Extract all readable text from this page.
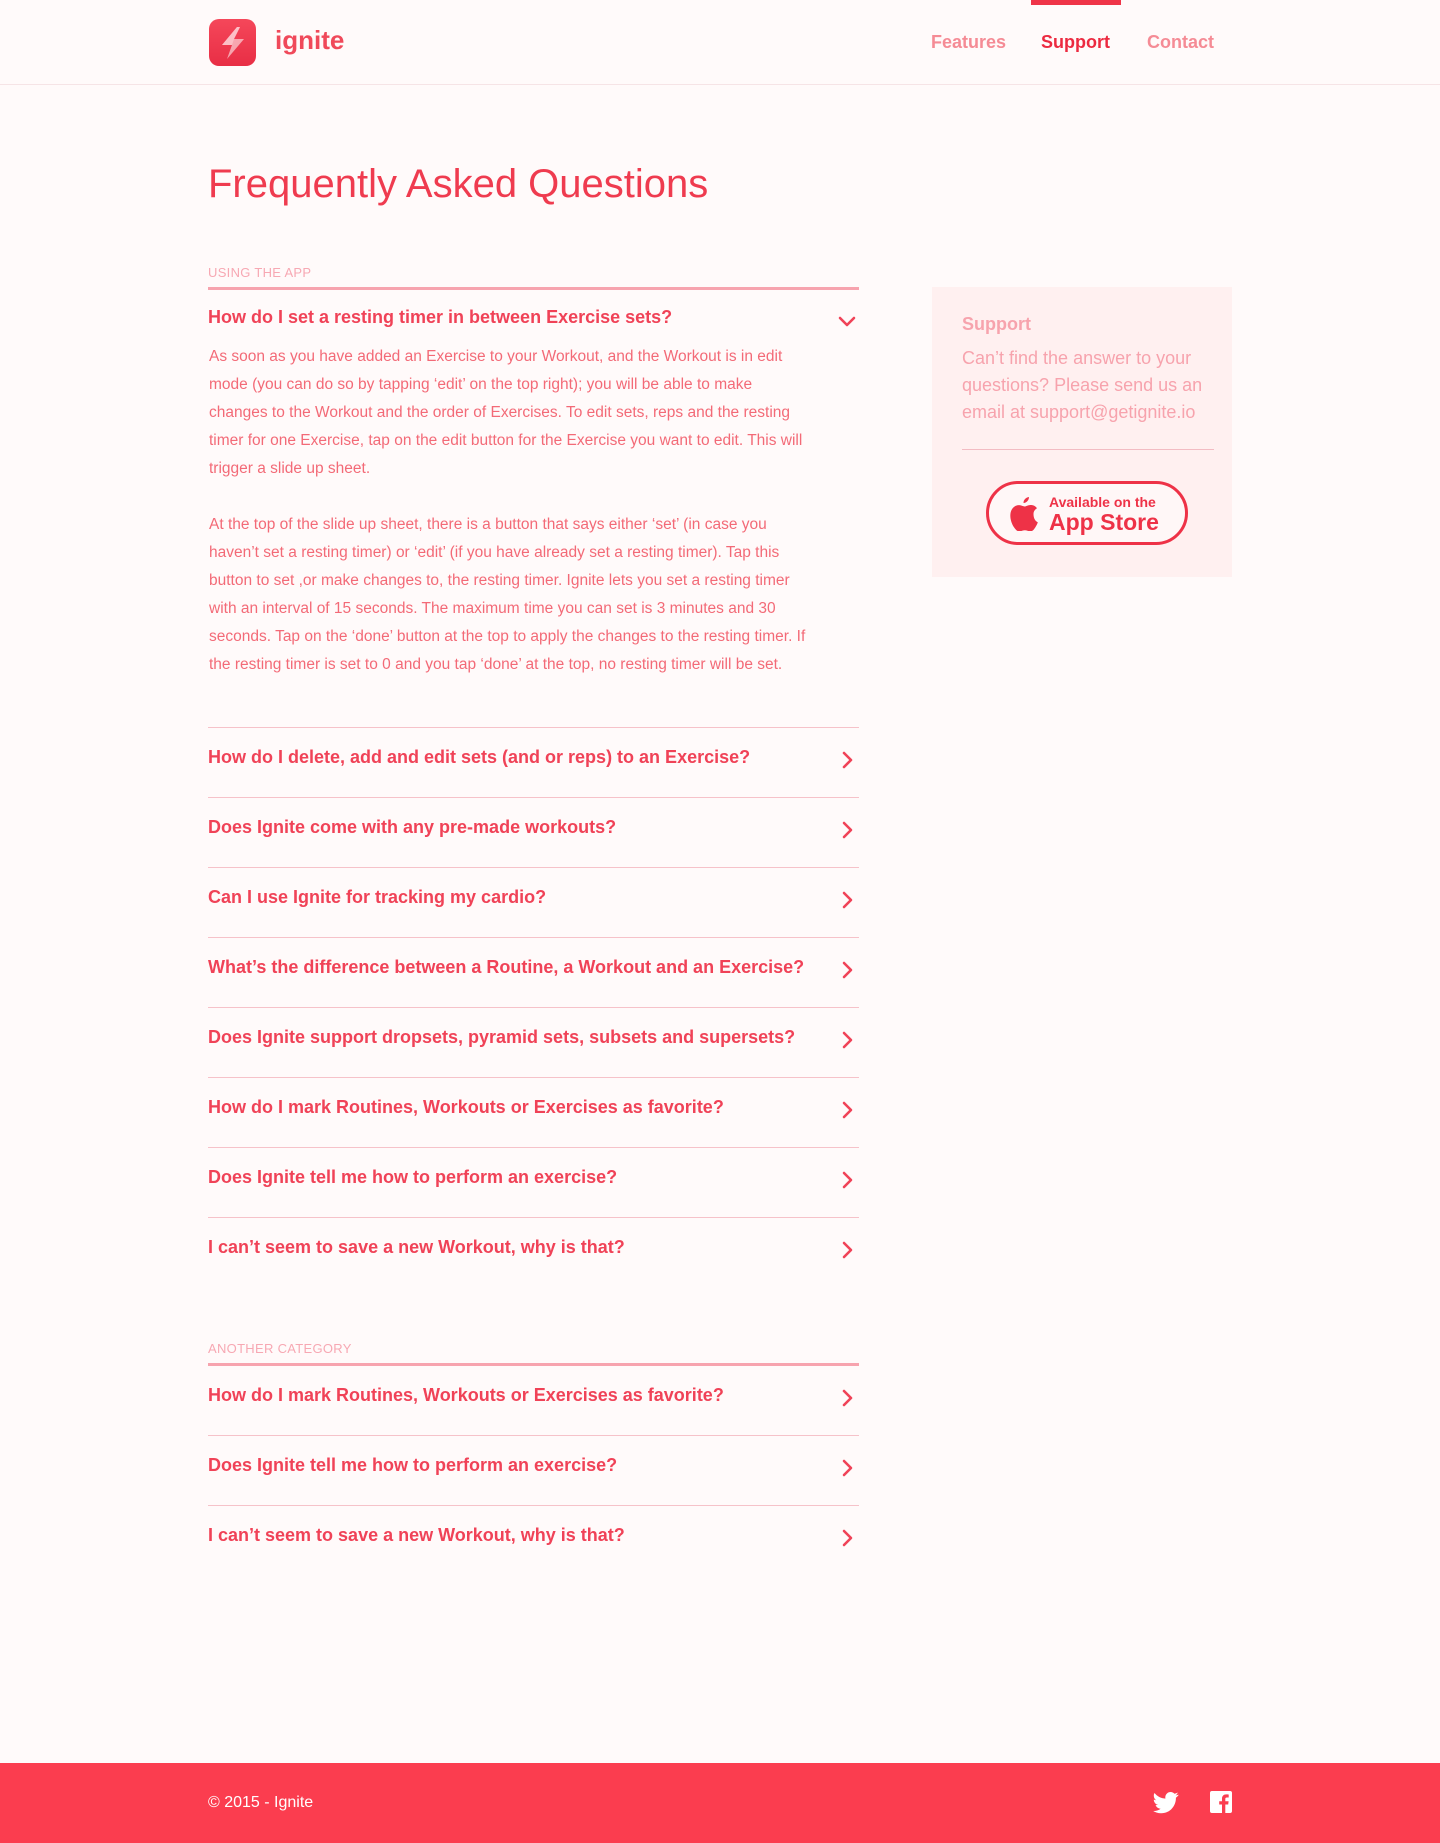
ignite	Features Support Contact
Frequently Asked Questions
USING THE APP
How do I set a resting timer in between Exercise sets?

As soon as you have added an Exercise to your Workout, and the Workout is in edit mode (you can do so by tapping ‘edit’ on the top right); you will be able to make changes to the Workout and the order of Exercises. To edit sets, reps and the resting timer for one Exercise, tap on the edit button for the Exercise you want to edit. This will trigger a slide up sheet.

At the top of the slide up sheet, there is a button that says either ‘set’ (in case you haven’t set a resting timer) or ‘edit’ (if you have already set a resting timer). Tap this button to set ,or make changes to, the resting timer. Ignite lets you set a resting timer with an interval of 15 seconds. The maximum time you can set is 3 minutes and 30 seconds. Tap on the ‘done’ button at the top to apply the changes to the resting timer. If the resting timer is set to 0 and you tap ‘done’ at the top, no resting timer will be set.

How do I delete, add and edit sets (and or reps) to an Exercise?
Does Ignite come with any pre-made workouts?
Can I use Ignite for tracking my cardio?
What’s the difference between a Routine, a Workout and an Exercise?
Does Ignite support dropsets, pyramid sets, subsets and supersets?
How do I mark Routines, Workouts or Exercises as favorite?
Does Ignite tell me how to perform an exercise?
I can’t seem to save a new Workout, why is that?
ANOTHER CATEGORY
How do I mark Routines, Workouts or Exercises as favorite?
Does Ignite tell me how to perform an exercise?
I can’t seem to save a new Workout, why is that?
Support
Can’t find the answer to your questions? Please send us an email at support@getignite.io
Available on the
App Store
© 2015 - Ignite
